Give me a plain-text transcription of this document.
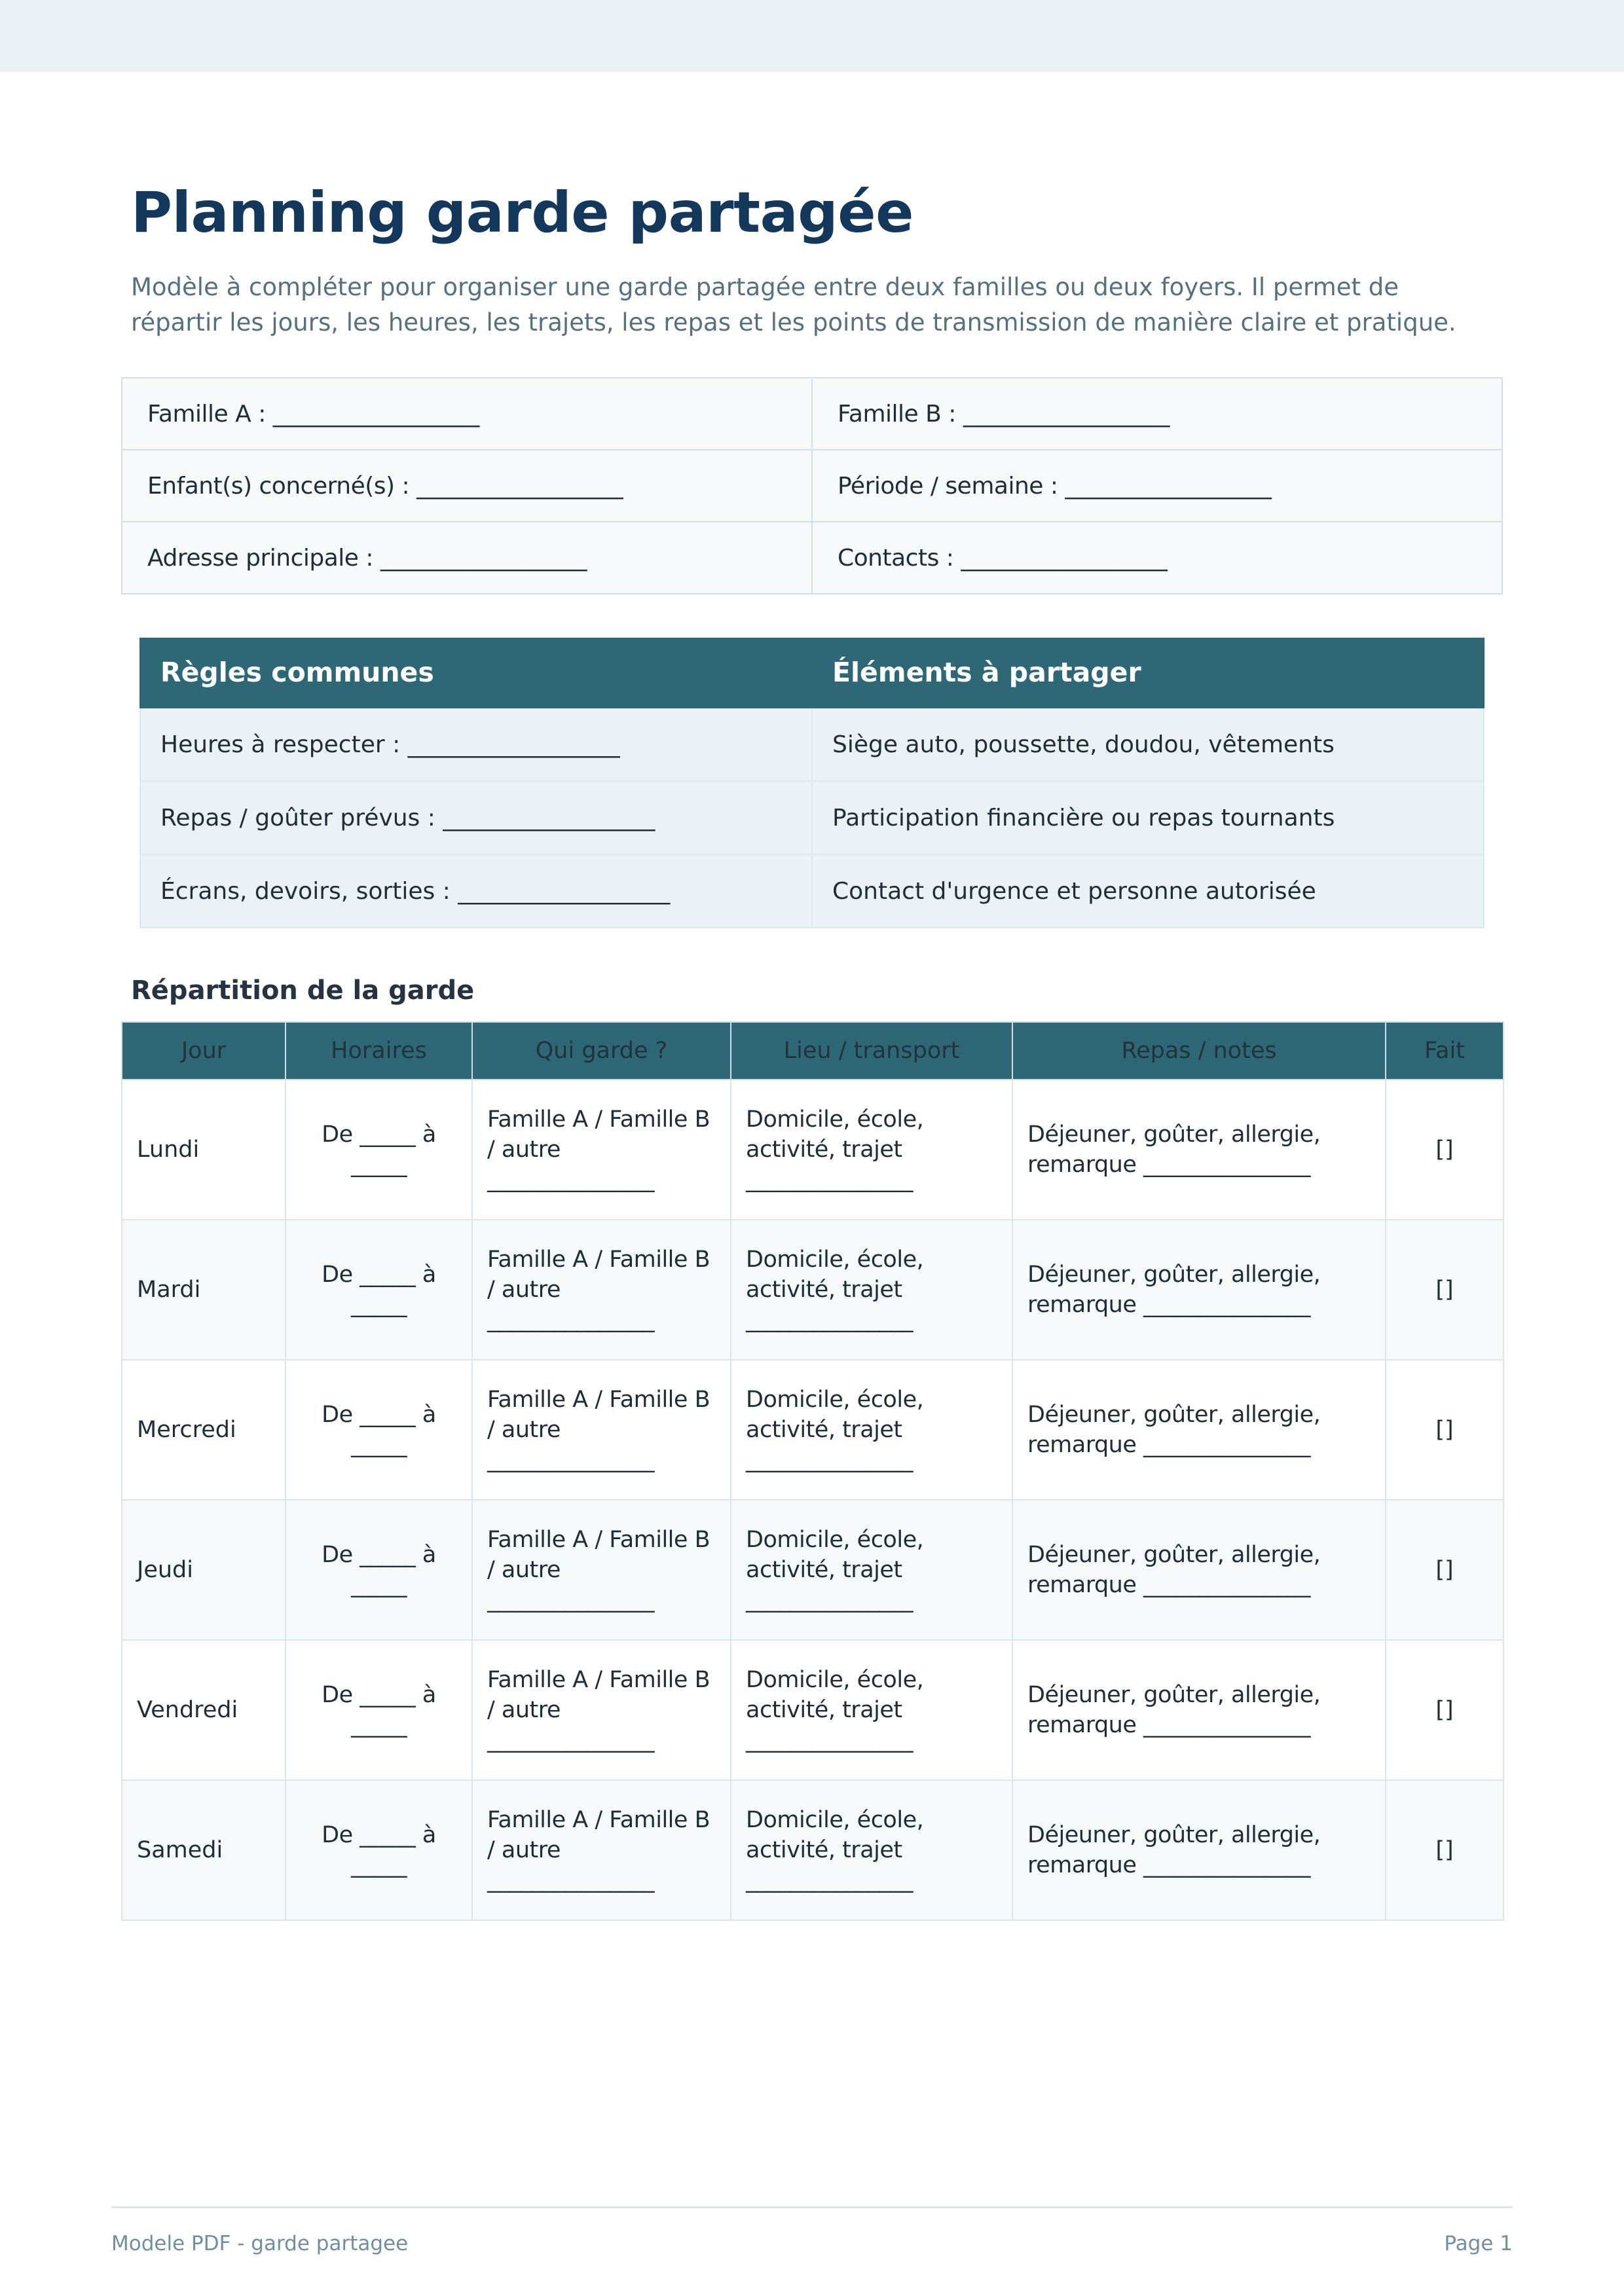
Planning garde partagée

Modèle à compléter pour organiser une garde partagée entre deux familles ou deux foyers. Il permet de répartir les jours, les heures, les trajets, les repas et les points de transmission de manière claire et pratique.

Famille A : __________________	Famille B : __________________
Enfant(s) concerné(s) : __________________	Période / semaine : __________________
Adresse principale : __________________	Contacts : __________________
Règles communes	Éléments à partager
Heures à respecter : __________________	Siège auto, poussette, doudou, vêtements
Repas / goûter prévus : __________________	Participation financière ou repas tournants
Écrans, devoirs, sorties : __________________	Contact d'urgence et personne autorisée
Répartition de la garde
Jour	Horaires	Qui garde ?	Lieu / transport	Repas / notes	Fait
Lundi	De _____ à _____	Famille A / Famille B / autre _______________	Domicile, école, activité, trajet _______________	Déjeuner, goûter, allergie, remarque _______________	[]
Mardi	De _____ à _____	Famille A / Famille B / autre _______________	Domicile, école, activité, trajet _______________	Déjeuner, goûter, allergie, remarque _______________	[]
Mercredi	De _____ à _____	Famille A / Famille B / autre _______________	Domicile, école, activité, trajet _______________	Déjeuner, goûter, allergie, remarque _______________	[]
Jeudi	De _____ à _____	Famille A / Famille B / autre _______________	Domicile, école, activité, trajet _______________	Déjeuner, goûter, allergie, remarque _______________	[]
Vendredi	De _____ à _____	Famille A / Famille B / autre _______________	Domicile, école, activité, trajet _______________	Déjeuner, goûter, allergie, remarque _______________	[]
Samedi	De _____ à _____	Famille A / Famille B / autre _______________	Domicile, école, activité, trajet _______________	Déjeuner, goûter, allergie, remarque _______________	[]
Modele PDF - garde partagee	Page 1
